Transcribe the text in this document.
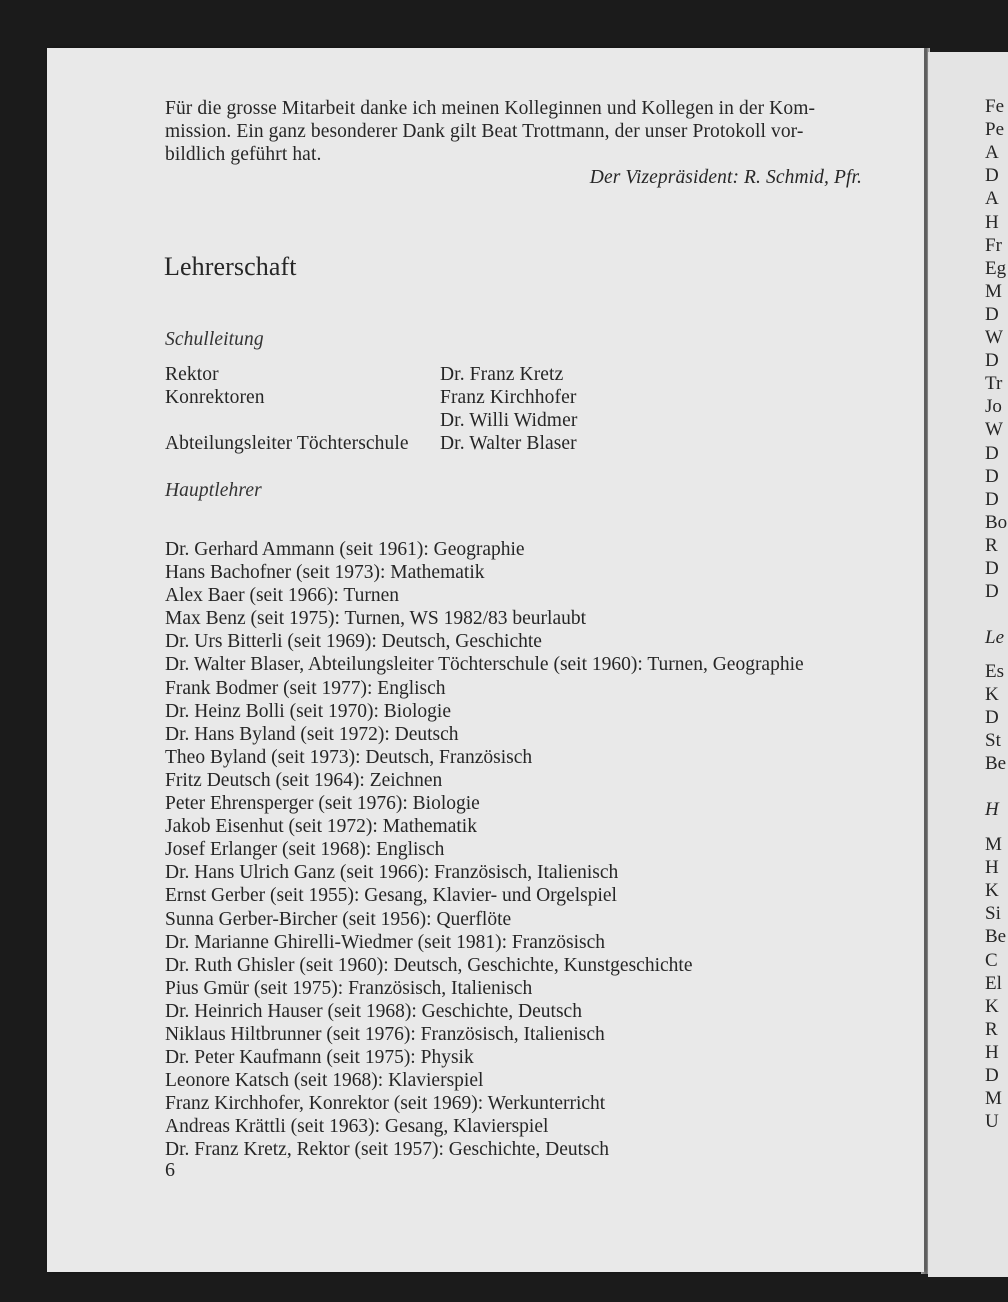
Fe
Pe
A
D
A
H
Fr
Eg
M
D
W
D
Tr
Jo
W
D
D
D
Bo
R
D
D
Le
Es
K
D
St
Be
H
M
H
K
Si
Be
C
El
K
R
H
D
M
U
Für die grosse Mitarbeit danke ich meinen Kolleginnen und Kollegen in der Kom-
mission. Ein ganz besonderer Dank gilt Beat Trottmann, der unser Protokoll vor-
bildlich geführt hat.
Der Vizepräsident: R. Schmid, Pfr.
Lehrerschaft
Schulleitung
Rektor	Dr. Franz Kretz
Konrektoren	Franz Kirchhofer
Dr. Willi Widmer
Abteilungsleiter Töchterschule Dr. Walter Blaser
Hauptlehrer
Dr. Gerhard Ammann (seit 1961): Geographie
Hans Bachofner (seit 1973): Mathematik
Alex Baer (seit 1966): Turnen
Max Benz (seit 1975): Turnen, WS 1982/83 beurlaubt
Dr. Urs Bitterli (seit 1969): Deutsch, Geschichte
Dr. Walter Blaser, Abteilungsleiter Töchterschule (seit 1960): Turnen, Geographie
Frank Bodmer (seit 1977): Englisch
Dr. Heinz Bolli (seit 1970): Biologie
Dr. Hans Byland (seit 1972): Deutsch
Theo Byland (seit 1973): Deutsch, Französisch
Fritz Deutsch (seit 1964): Zeichnen
Peter Ehrensperger (seit 1976): Biologie
Jakob Eisenhut (seit 1972): Mathematik
Josef Erlanger (seit 1968): Englisch
Dr. Hans Ulrich Ganz (seit 1966): Französisch, Italienisch
Ernst Gerber (seit 1955): Gesang, Klavier- und Orgelspiel
Sunna Gerber-Bircher (seit 1956): Querflöte
Dr. Marianne Ghirelli-Wiedmer (seit 1981): Französisch
Dr. Ruth Ghisler (seit 1960): Deutsch, Geschichte, Kunstgeschichte
Pius Gmür (seit 1975): Französisch, Italienisch
Dr. Heinrich Hauser (seit 1968): Geschichte, Deutsch
Niklaus Hiltbrunner (seit 1976): Französisch, Italienisch
Dr. Peter Kaufmann (seit 1975): Physik
Leonore Katsch (seit 1968): Klavierspiel
Franz Kirchhofer, Konrektor (seit 1969): Werkunterricht
Andreas Krättli (seit 1963): Gesang, Klavierspiel
Dr. Franz Kretz, Rektor (seit 1957): Geschichte, Deutsch
6
